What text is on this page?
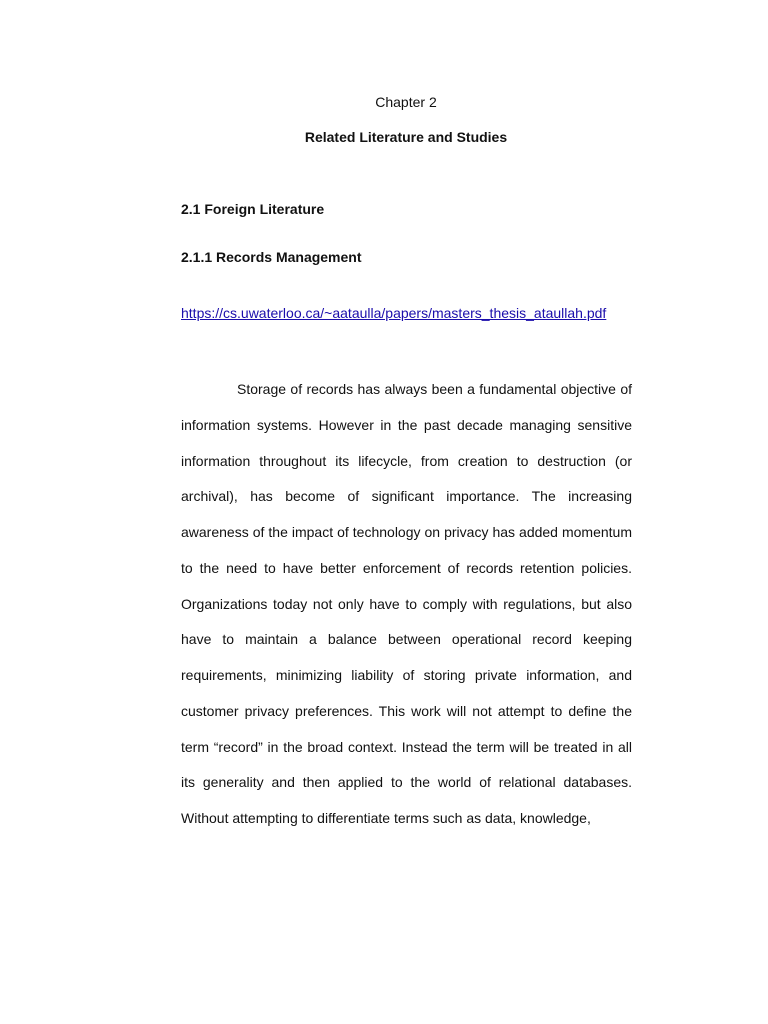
Chapter 2
Related Literature and Studies
2.1 Foreign Literature
2.1.1 Records Management
https://cs.uwaterloo.ca/~aataulla/papers/masters_thesis_ataullah.pdf

Storage of records has always been a fundamental objective of information systems. However in the past decade managing sensitive information throughout its lifecycle, from creation to destruction (or archival), has become of significant importance. The increasing awareness of the impact of technology on privacy has added momentum to the need to have better enforcement of records retention policies. Organizations today not only have to comply with regulations, but also have to maintain a balance between operational record keeping requirements, minimizing liability of storing private information, and customer privacy preferences. This work will not attempt to define the term “record” in the broad context. Instead the term will be treated in all its generality and then applied to the world of relational databases. Without attempting to differentiate terms such as data, knowledge,
